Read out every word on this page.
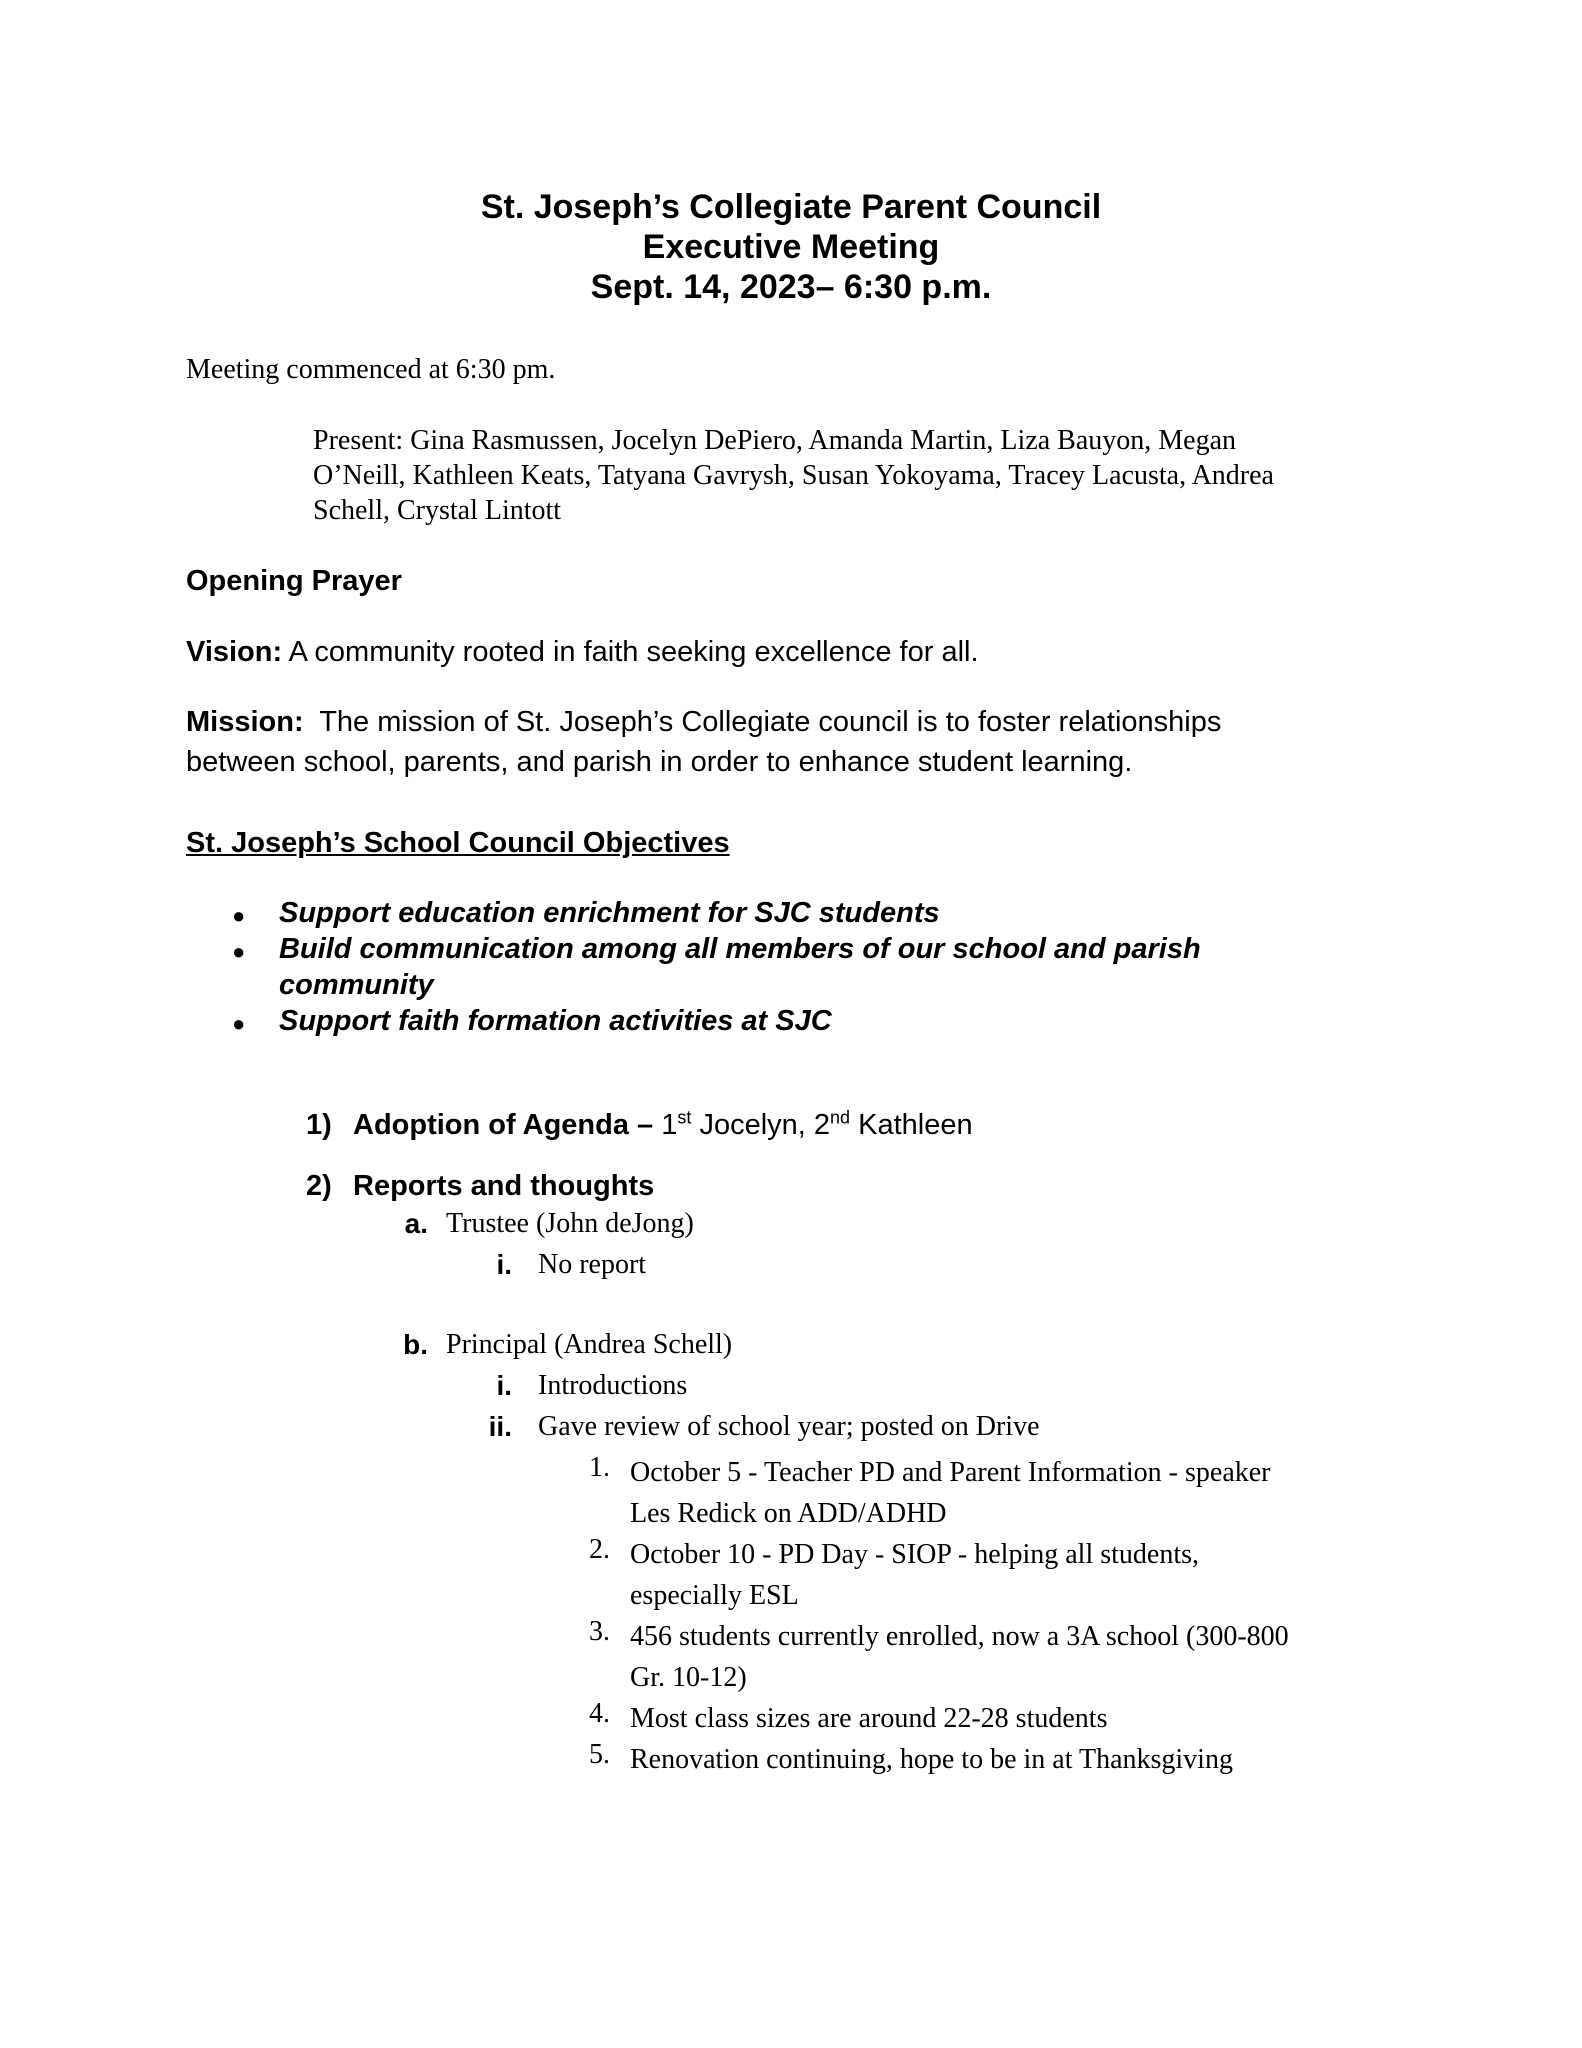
St. Joseph’s Collegiate Parent Council
Executive Meeting
Sept. 14, 2023– 6:30 p.m.
Meeting commenced at 6:30 pm.
Present: Gina Rasmussen, Jocelyn DePiero, Amanda Martin, Liza Bauyon, Megan
O’Neill, Kathleen Keats, Tatyana Gavrysh, Susan Yokoyama, Tracey Lacusta, Andrea
Schell, Crystal Lintott
Opening Prayer
Vision: A community rooted in faith seeking excellence for all.
Mission:  The mission of St. Joseph’s Collegiate council is to foster relationships
between school, parents, and parish in order to enhance student learning.
St. Joseph’s School Council Objectives
● Support education enrichment for SJC students
● Build communication among all members of our school and parish
community
● Support faith formation activities at SJC
1) Adoption of Agenda – 1st Jocelyn, 2nd Kathleen
2) Reports and thoughts
a. Trustee (John deJong)
i. No report
b. Principal (Andrea Schell)
i. Introductions
ii. Gave review of school year; posted on Drive
1. October 5 - Teacher PD and Parent Information - speaker
Les Redick on ADD/ADHD
2. October 10 - PD Day - SIOP - helping all students,
especially ESL
3. 456 students currently enrolled, now a 3A school (300-800
Gr. 10-12)
4. Most class sizes are around 22-28 students
5. Renovation continuing, hope to be in at Thanksgiving
